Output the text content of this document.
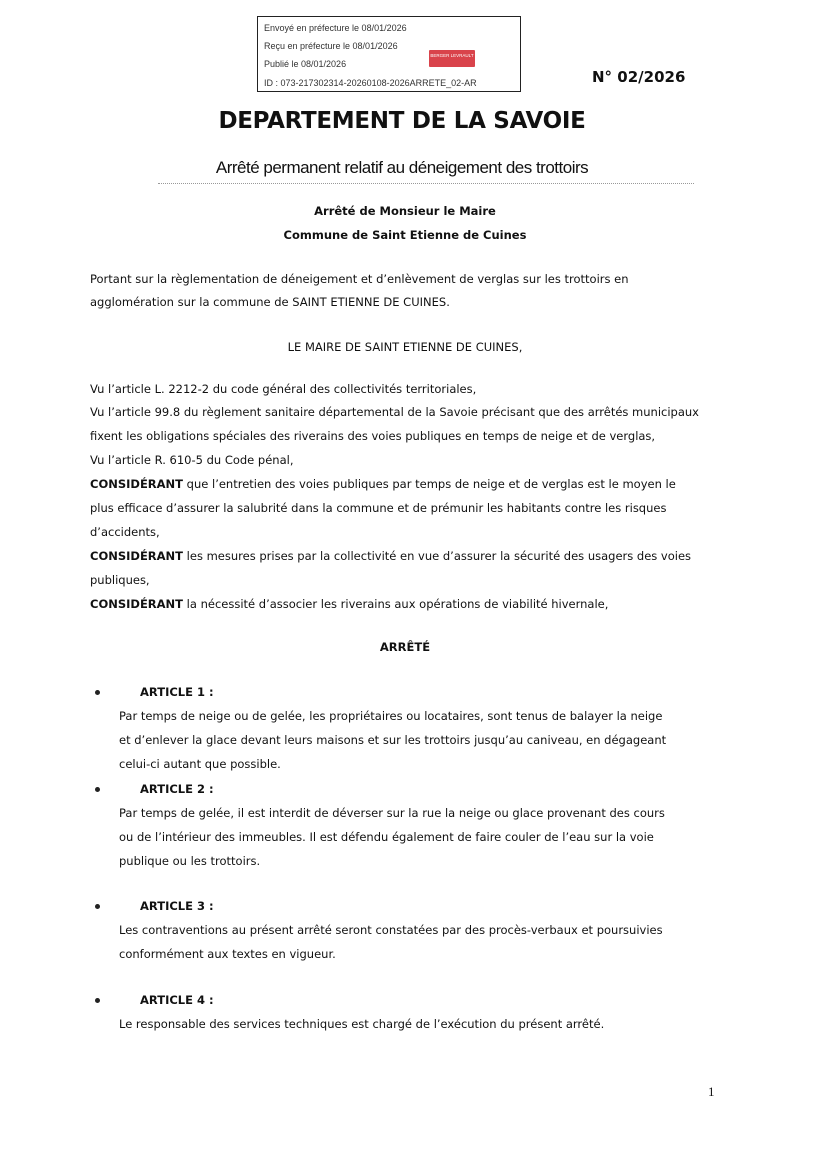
Envoyé en préfecture le 08/01/2026
Reçu en préfecture le 08/01/2026
Publié le 08/01/2026
ID : 073-217302314-20260108-2026ARRETE_02-AR
BERGER LEVRAULT
N° 02/2026
DEPARTEMENT DE LA SAVOIE
Arrêté permanent relatif au déneigement des trottoirs
Arrêté de Monsieur le Maire
Commune de Saint Etienne de Cuines
Portant sur la règlementation de déneigement et d’enlèvement de verglas sur les trottoirs en
agglomération sur la commune de SAINT ETIENNE DE CUINES.
LE MAIRE DE SAINT ETIENNE DE CUINES,
Vu l’article L. 2212-2 du code général des collectivités territoriales,
Vu l’article 99.8 du règlement sanitaire départemental de la Savoie précisant que des arrêtés municipaux
fixent les obligations spéciales des riverains des voies publiques en temps de neige et de verglas,
Vu l’article R. 610-5 du Code pénal,
CONSIDÉRANT que l’entretien des voies publiques par temps de neige et de verglas est le moyen le
plus efficace d’assurer la salubrité dans la commune et de prémunir les habitants contre les risques
d’accidents,
CONSIDÉRANT les mesures prises par la collectivité en vue d’assurer la sécurité des usagers des voies
publiques,
CONSIDÉRANT la nécessité d’associer les riverains aux opérations de viabilité hivernale,
ARRÊTÉ
ARTICLE 1 :
Par temps de neige ou de gelée, les propriétaires ou locataires, sont tenus de balayer la neige
et d’enlever la glace devant leurs maisons et sur les trottoirs jusqu’au caniveau, en dégageant
celui-ci autant que possible.
ARTICLE 2 :
Par temps de gelée, il est interdit de déverser sur la rue la neige ou glace provenant des cours
ou de l’intérieur des immeubles. Il est défendu également de faire couler de l’eau sur la voie
publique ou les trottoirs.
ARTICLE 3 :
Les contraventions au présent arrêté seront constatées par des procès-verbaux et poursuivies
conformément aux textes en vigueur.
ARTICLE 4 :
Le responsable des services techniques est chargé de l’exécution du présent arrêté.
1
